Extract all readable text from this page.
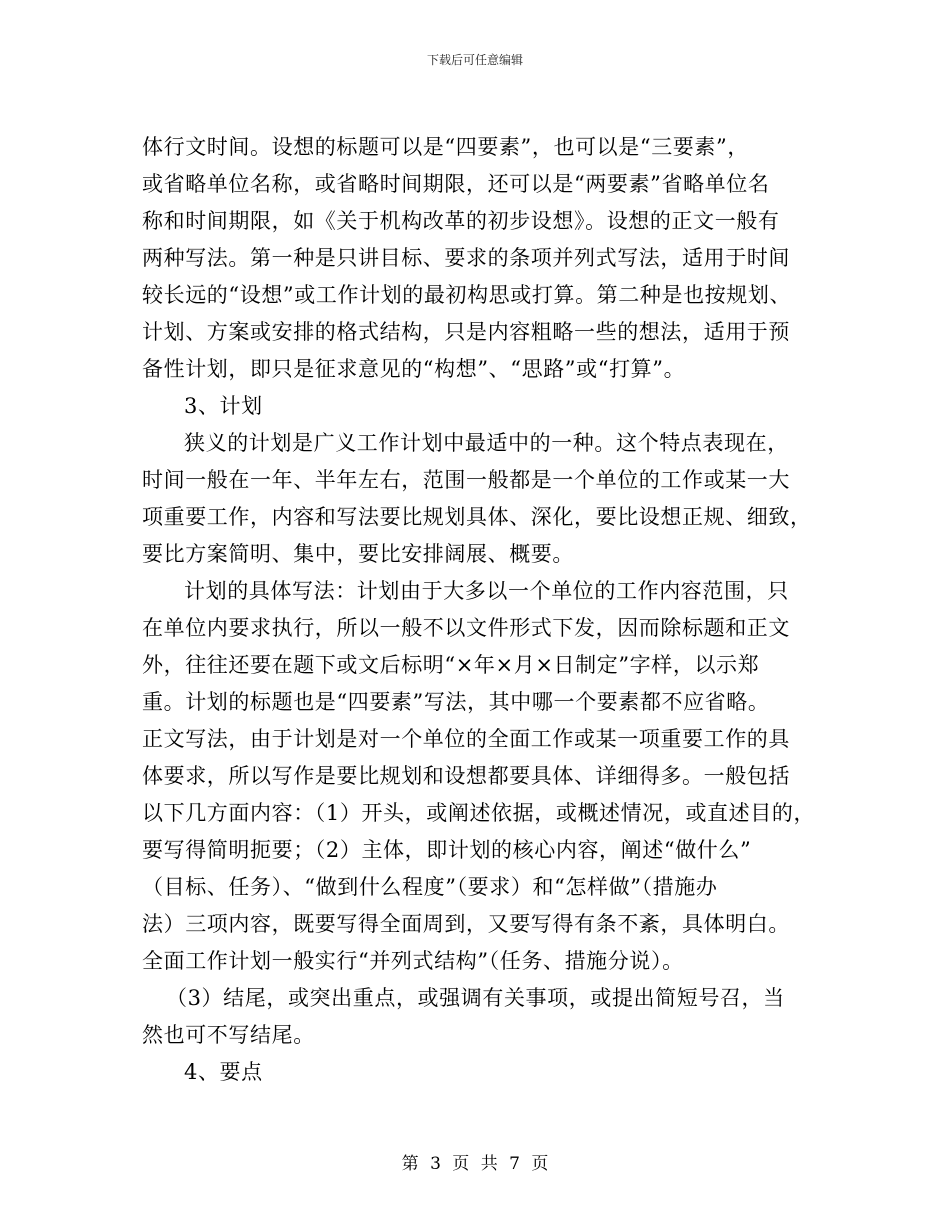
下载后可任意编辑
体行文时间。设想的标题可以是“四要素”，也可以是“三要素”，
或省略单位名称，或省略时间期限，还可以是“两要素”省略单位名
称和时间期限，如《关于机构改革的初步设想》。设想的正文一般有
两种写法。第一种是只讲目标、要求的条项并列式写法，适用于时间
较长远的“设想”或工作计划的最初构思或打算。第二种是也按规划、
计划、方案或安排的格式结构，只是内容粗略一些的想法，适用于预
备性计划，即只是征求意见的“构想”、“思路”或“打算”。
3、计划
狭义的计划是广义工作计划中最适中的一种。这个特点表现在，
时间一般在一年、半年左右，范围一般都是一个单位的工作或某一大
项重要工作，内容和写法要比规划具体、深化，要比设想正规、细致，
要比方案简明、集中，要比安排阔展、概要。
计划的具体写法：计划由于大多以一个单位的工作内容范围，只
在单位内要求执行，所以一般不以文件形式下发，因而除标题和正文
外，往往还要在题下或文后标明“×年×月×日制定”字样，以示郑
重。计划的标题也是“四要素”写法，其中哪一个要素都不应省略。
正文写法，由于计划是对一个单位的全面工作或某一项重要工作的具
体要求，所以写作是要比规划和设想都要具体、详细得多。一般包括
以下几方面内容：（1）开头，或阐述依据，或概述情况，或直述目的，
要写得简明扼要；（2）主体，即计划的核心内容，阐述“做什么”
（目标、任务）、“做到什么程度”（要求）和“怎样做”（措施办
法）三项内容，既要写得全面周到，又要写得有条不紊，具体明白。
全面工作计划一般实行“并列式结构”（任务、措施分说）。
（3）结尾，或突出重点，或强调有关事项，或提出简短号召，当
然也可不写结尾。
4、要点
第 3 页 共 7 页
